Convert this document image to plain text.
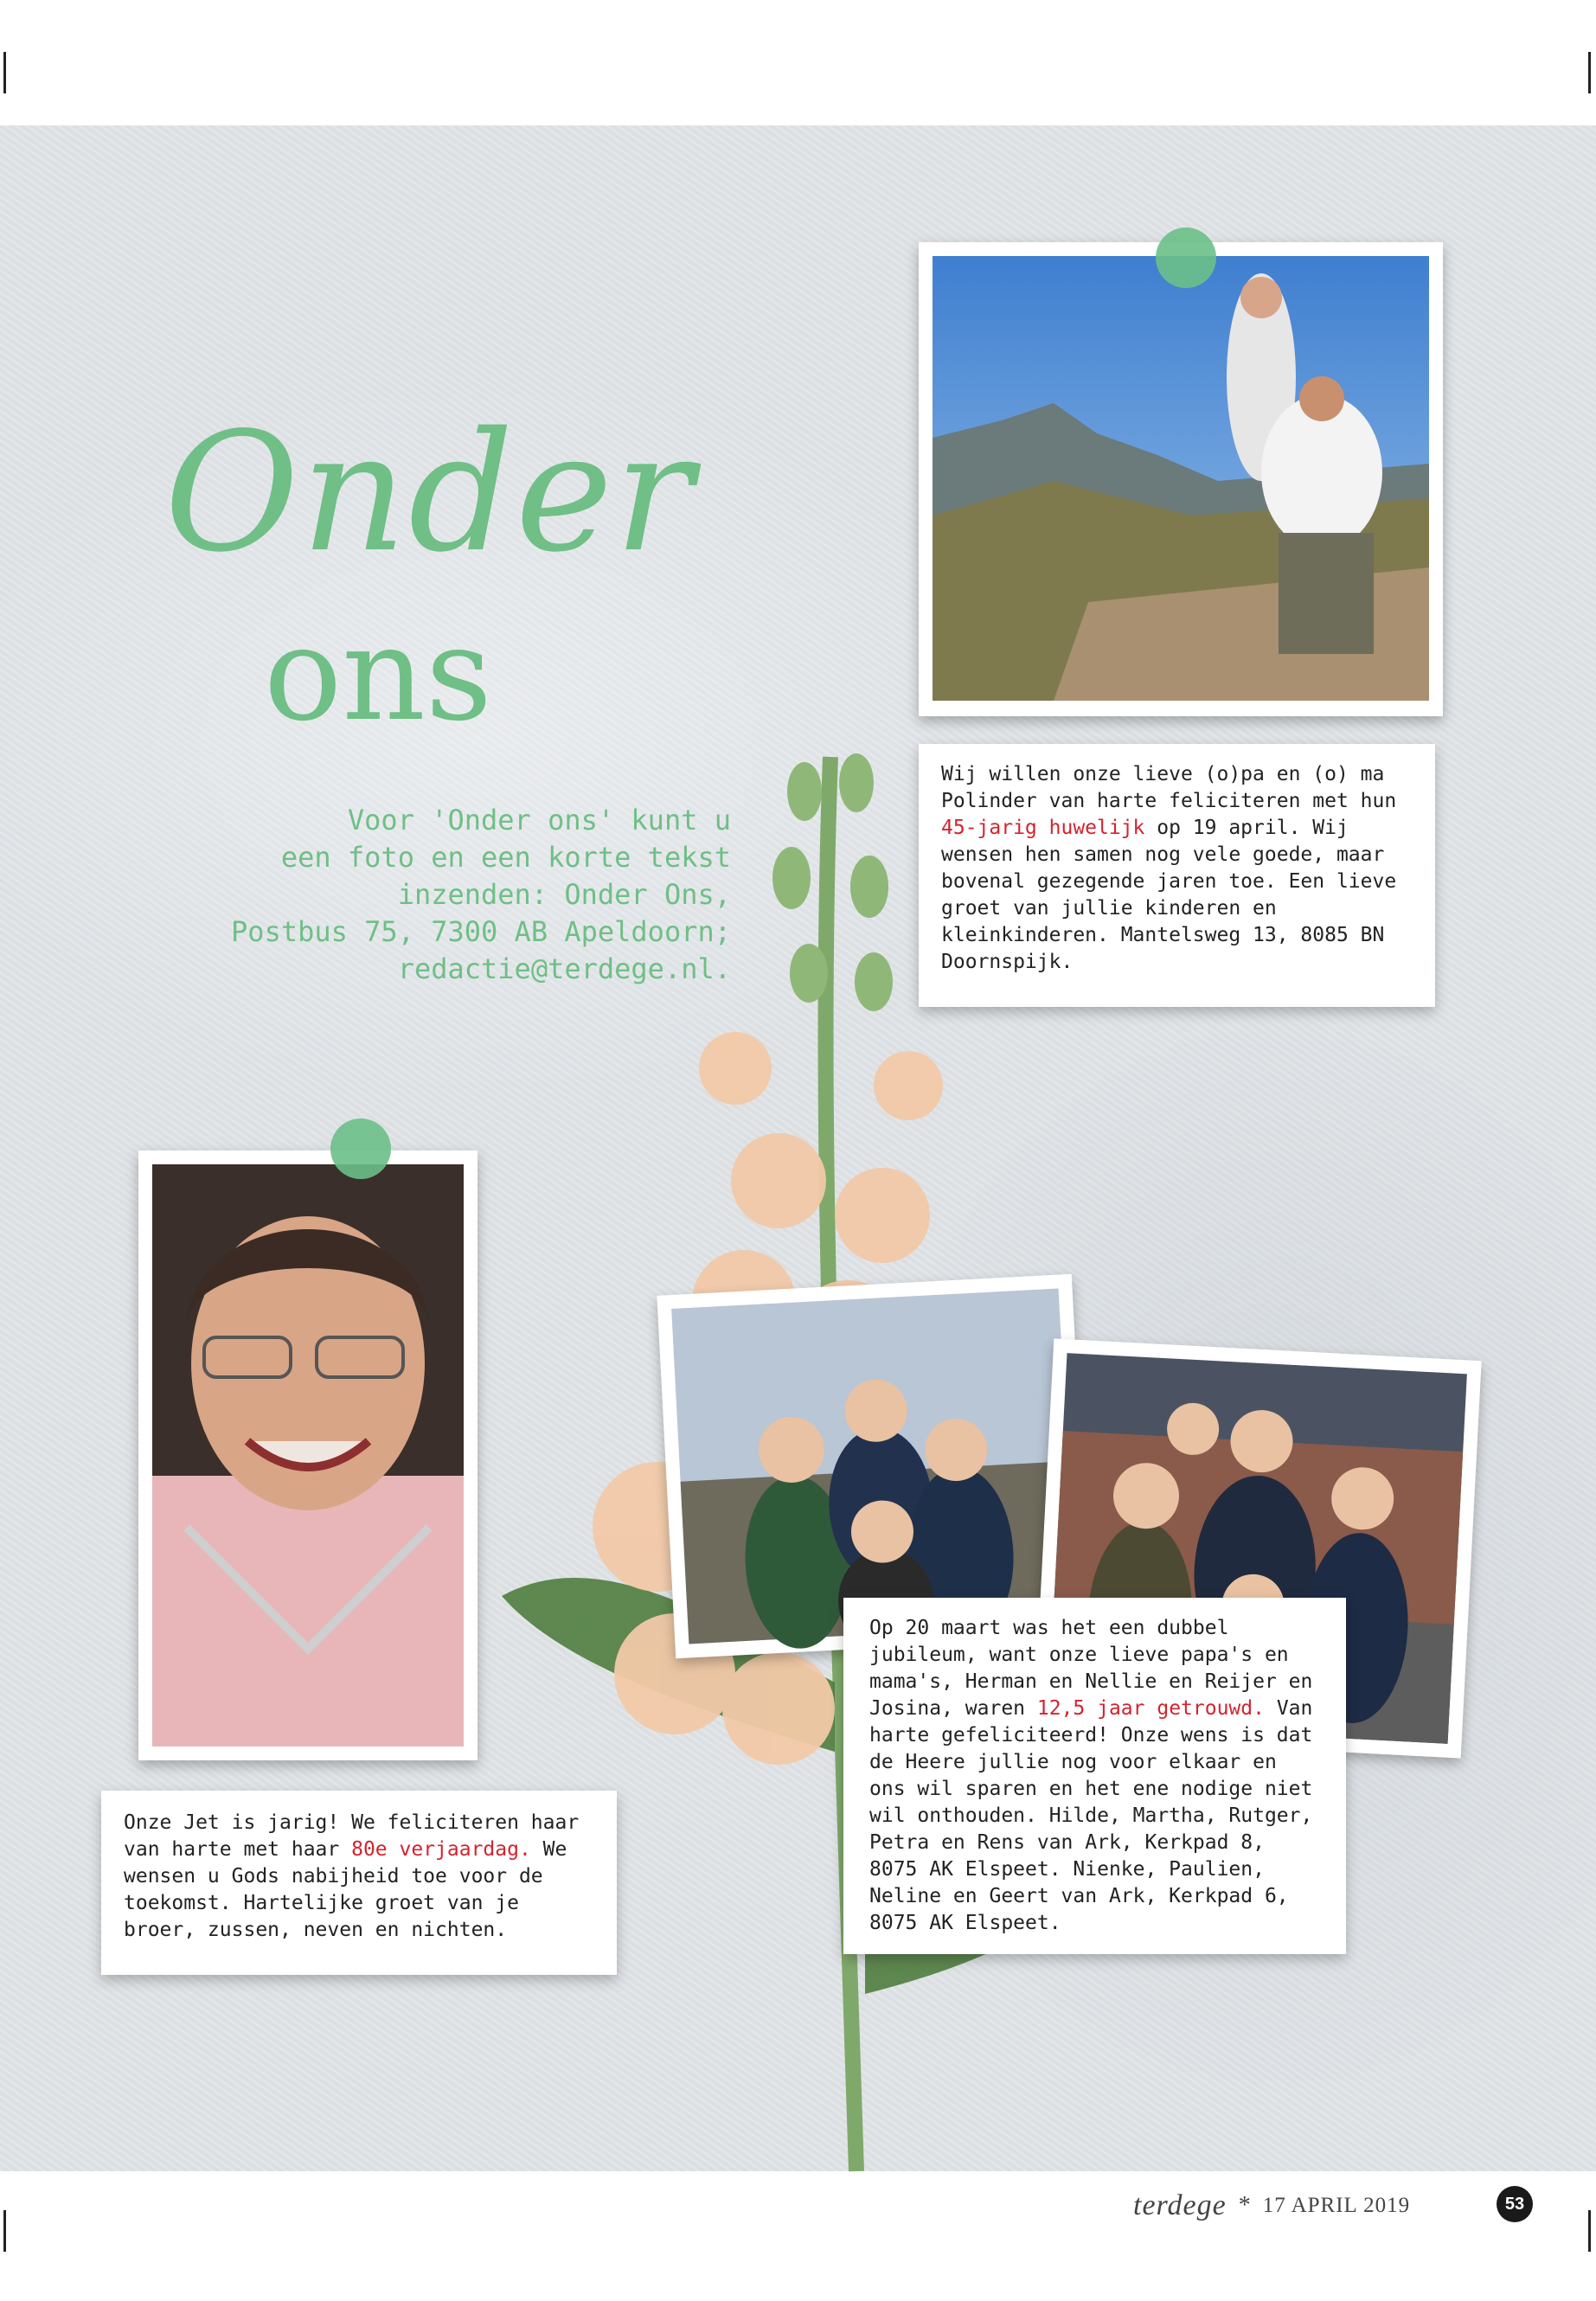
Onder
ons
Voor 'Onder ons' kunt u
een foto en een korte tekst
inzenden: Onder Ons,
Postbus 75, 7300 AB Apeldoorn;
redactie@terdege.nl.

Wij willen onze lieve (o)pa en (o) ma Polinder van harte feliciteren met hun 45-jarig huwelijk op 19 april. Wij wensen hen samen nog vele goede, maar bovenal gezegende jaren toe. Een lieve groet van jullie kinderen en kleinkinderen. Mantelsweg 13, 8085 BN Doornspijk.

Onze Jet is jarig! We feliciteren haar van harte met haar 80e verjaardag. We wensen u Gods nabijheid toe voor de toekomst. Hartelijke groet van je broer, zussen, neven en nichten.

Op 20 maart was het een dubbel jubileum, want onze lieve papa's en mama's, Herman en Nellie en Reijer en Josina, waren 12,5 jaar getrouwd. Van harte gefeliciteerd! Onze wens is dat de Heere jullie nog voor elkaar en ons wil sparen en het ene nodige niet wil onthouden. Hilde, Martha, Rutger, Petra en Rens van Ark, Kerkpad 8, 8075 AK Elspeet. Nienke, Paulien, Neline en Geert van Ark, Kerkpad 6, 8075 AK Elspeet.

terdege * 17 APRIL 2019	53
